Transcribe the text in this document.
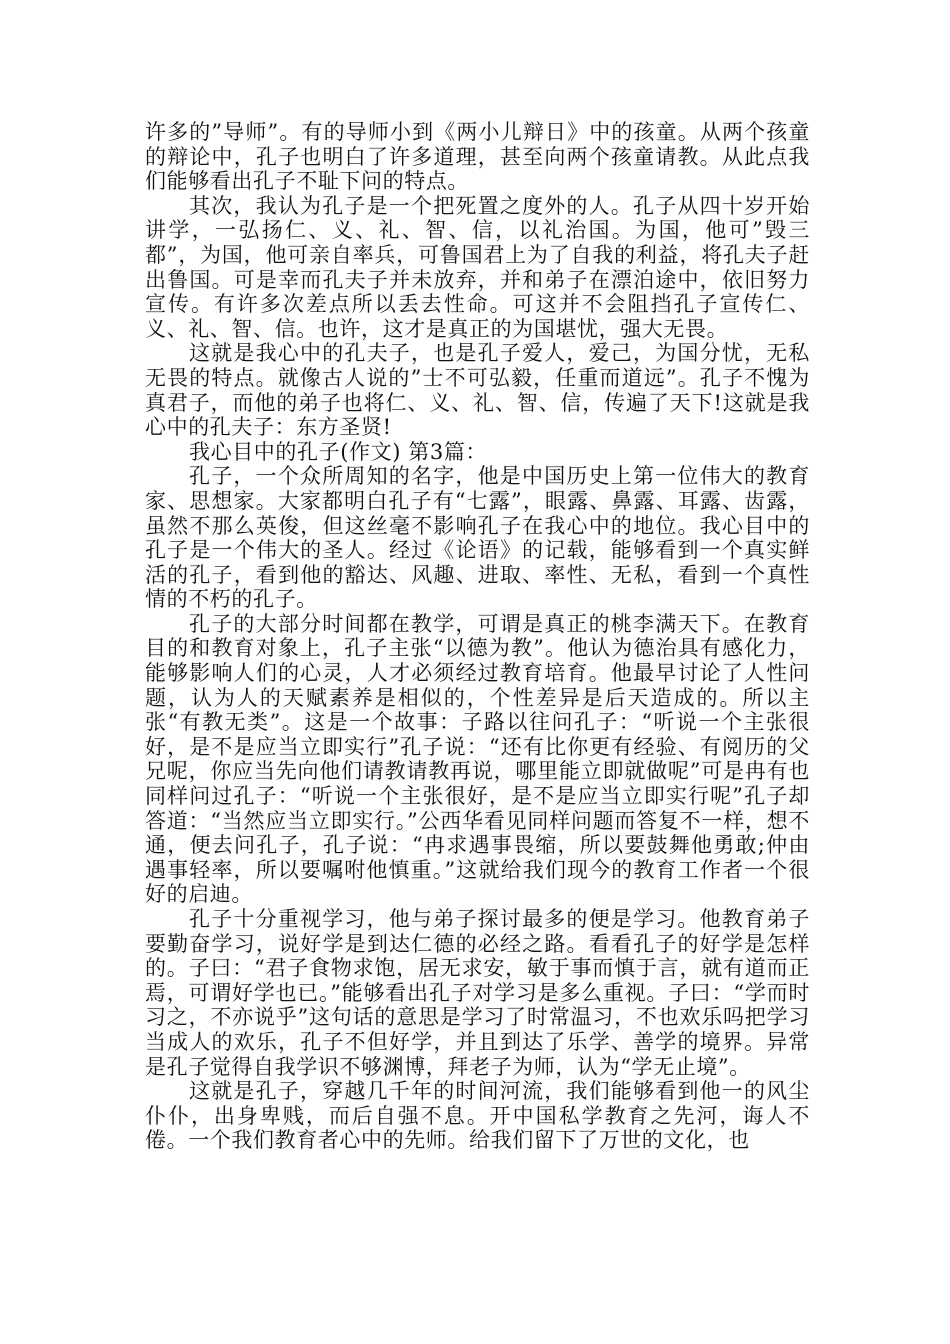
许多的”导师”。有的导师小到《两小儿辩日》中的孩童。从两个孩童的辩论中，孔子也明白了许多道理，甚至向两个孩童请教。从此点我们能够看出孔子不耻下问的特点。

其次，我认为孔子是一个把死置之度外的人。孔子从四十岁开始讲学，一弘扬仁、义、礼、智、信，以礼治国。为国，他可”毁三都”，为国，他可亲自率兵，可鲁国君上为了自我的利益，将孔夫子赶出鲁国。可是幸而孔夫子并未放弃，并和弟子在漂泊途中，依旧努力宣传。有许多次差点所以丢去性命。可这并不会阻挡孔子宣传仁、义、礼、智、信。也许，这才是真正的为国堪忧，强大无畏。

这就是我心中的孔夫子，也是孔子爱人，爱己，为国分忧，无私无畏的特点。就像古人说的”士不可弘毅，任重而道远”。孔子不愧为真君子，而他的弟子也将仁、义、礼、智、信，传遍了天下!这就是我心中的孔夫子：东方圣贤!

我心目中的孔子(作文) 第3篇：

孔子，一个众所周知的名字，他是中国历史上第一位伟大的教育家、思想家。大家都明白孔子有“七露”，眼露、鼻露、耳露、齿露，虽然不那么英俊，但这丝毫不影响孔子在我心中的地位。我心目中的孔子是一个伟大的圣人。经过《论语》的记载，能够看到一个真实鲜活的孔子，看到他的豁达、风趣、进取、率性、无私，看到一个真性情的不朽的孔子。

孔子的大部分时间都在教学，可谓是真正的桃李满天下。在教育目的和教育对象上，孔子主张“以德为教”。他认为德治具有感化力，能够影响人们的心灵，人才必须经过教育培育。他最早讨论了人性问题，认为人的天赋素养是相似的，个性差异是后天造成的。所以主张“有教无类”。这是一个故事：子路以往问孔子：“听说一个主张很好，是不是应当立即实行”孔子说：“还有比你更有经验、有阅历的父兄呢，你应当先向他们请教请教再说，哪里能立即就做呢”可是冉有也同样问过孔子：“听说一个主张很好，是不是应当立即实行呢”孔子却答道：“当然应当立即实行。”公西华看见同样问题而答复不一样，想不通，便去问孔子，孔子说：“冉求遇事畏缩，所以要鼓舞他勇敢;仲由遇事轻率，所以要嘱咐他慎重。”这就给我们现今的教育工作者一个很好的启迪。

孔子十分重视学习，他与弟子探讨最多的便是学习。他教育弟子要勤奋学习，说好学是到达仁德的必经之路。看看孔子的好学是怎样的。子曰：“君子食物求饱，居无求安，敏于事而慎于言，就有道而正焉，可谓好学也已。”能够看出孔子对学习是多么重视。子曰：“学而时习之，不亦说乎”这句话的意思是学习了时常温习，不也欢乐吗把学习当成人的欢乐，孔子不但好学，并且到达了乐学、善学的境界。异常是孔子觉得自我学识不够渊博，拜老子为师，认为“学无止境”。

这就是孔子，穿越几千年的时间河流，我们能够看到他一的风尘仆仆，出身卑贱，而后自强不息。开中国私学教育之先河，诲人不倦。一个我们教育者心中的先师。给我们留下了万世的文化，也
